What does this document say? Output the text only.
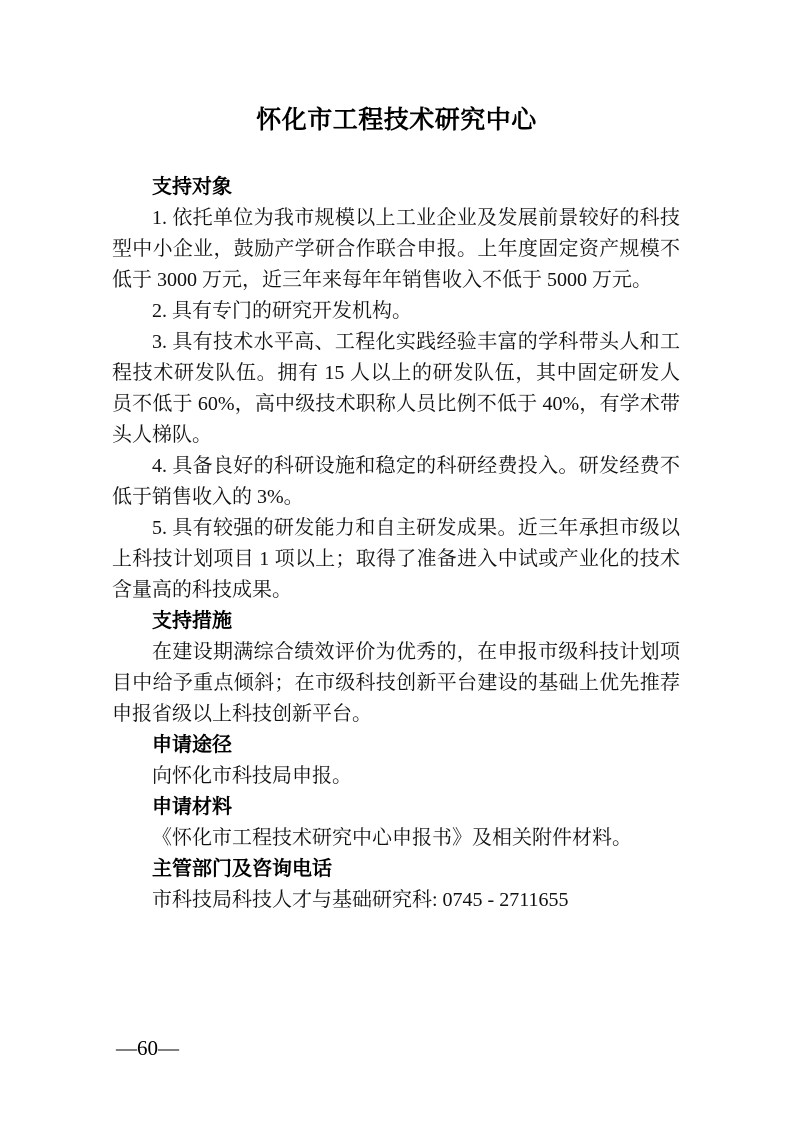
怀化市工程技术研究中心
支持对象
1. 依托单位为我市规模以上工业企业及发展前景较好的科技型中小企业，鼓励产学研合作联合申报。上年度固定资产规模不低于 3000 万元，近三年来每年年销售收入不低于 5000 万元。
2. 具有专门的研究开发机构。
3. 具有技术水平高、工程化实践经验丰富的学科带头人和工程技术研发队伍。拥有 15 人以上的研发队伍，其中固定研发人员不低于 60%，高中级技术职称人员比例不低于 40%，有学术带头人梯队。
4. 具备良好的科研设施和稳定的科研经费投入。研发经费不低于销售收入的 3%。
5. 具有较强的研发能力和自主研发成果。近三年承担市级以上科技计划项目 1 项以上；取得了准备进入中试或产业化的技术含量高的科技成果。
支持措施
在建设期满综合绩效评价为优秀的，在申报市级科技计划项目中给予重点倾斜；在市级科技创新平台建设的基础上优先推荐申报省级以上科技创新平台。
申请途径
向怀化市科技局申报。
申请材料
《怀化市工程技术研究中心申报书》及相关附件材料。
主管部门及咨询电话
市科技局科技人才与基础研究科: 0745 - 2711655
—60—
